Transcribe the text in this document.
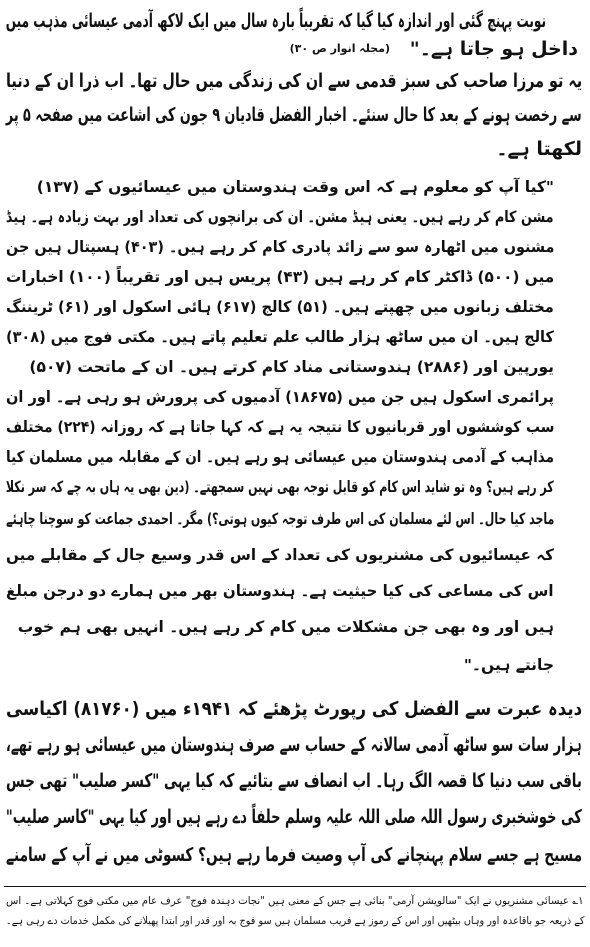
نوبت پہنچ گئی اور اندازہ کیا گیا کہ تقریباً بارہ سال میں ایک لاکھ آدمی عیسائی مذہب میں
داخل ہو جاتا ہے۔"
(مجلہ انوار ص ۳۰)
یہ تو مرزا صاحب کی سبز قدمی سے ان کی زندگی میں حال تھا۔ اب ذرا ان کے دنیا
سے رخصت ہونے کے بعد کا حال سنئے۔ اخبار الفضل قادیان ۹ جون کی اشاعت میں صفحہ ۵ پر
لکھتا ہے۔
"کیا آپ کو معلوم ہے کہ اس وقت ہندوستان میں عیسائیوں کے (۱۳۷)
مشن کام کر رہے ہیں۔ یعنی ہیڈ مشن۔ ان کی برانچوں کی تعداد اور بہت زیادہ ہے۔ ہیڈ
مشنوں میں اٹھارہ سو سے زائد پادری کام کر رہے ہیں۔ (۴۰۳) ہسپتال ہیں جن
میں (۵۰۰) ڈاکٹر کام کر رہے ہیں (۴۳) پریس ہیں اور تقریباً (۱۰۰) اخبارات
مختلف زبانوں میں چھپتے ہیں۔ (۵۱) کالج (۶۱۷) ہائی اسکول اور (۶۱) ٹریننگ
کالج ہیں۔ ان میں ساٹھ ہزار طالب علم تعلیم پاتے ہیں۔ مکتی فوج میں (۳۰۸)
یورپین اور (۲۸۸۶) ہندوستانی مناد کام کرتے ہیں۔ ان کے ماتحت (۵۰۷)
پرائمری اسکول ہیں جن میں (۱۸۶۷۵) آدمیوں کی پرورش ہو رہی ہے۔ اور ان
سب کوششوں اور قربانیوں کا نتیجہ یہ ہے کہ کہا جاتا ہے کہ روزانہ (۲۲۴) مختلف
مذاہب کے آدمی ہندوستان میں عیسائی ہو رہے ہیں۔ ان کے مقابلہ میں مسلمان کیا
کر رہے ہیں؟ وہ تو شاید اس کام کو قابل توجہ بھی نہیں سمجھتے۔ (دین بھی یہ ہاں بہ چے کہ سر نکلا
ماجد کیا حال۔ اس لئے مسلمان کی اس طرف توجہ کیوں ہوتی؟) مگر۔ احمدی جماعت کو سوچنا چاہئے
کہ عیسائیوں کی مشنریوں کی تعداد کے اس قدر وسیع جال کے مقابلے میں
اس کی مساعی کی کیا حیثیت ہے۔ ہندوستان بھر میں ہمارے دو درجن مبلغ
ہیں اور وہ بھی جن مشکلات میں کام کر رہے ہیں۔ انہیں بھی ہم خوب
جانتے ہیں۔"
دیدہ عبرت سے الفضل کی رپورٹ پڑھئے کہ ۱۹۴۱ء میں (۸۱۷۶۰) اکیاسی
ہزار سات سو ساٹھ آدمی سالانہ کے حساب سے صرف ہندوستان میں عیسائی ہو رہے تھے،
باقی سب دنیا کا قصہ الگ رہا۔ اب انصاف سے بتائیے کہ کیا یہی "کسر صلیب" تھی جس
کی خوشخبری رسول اللہ صلی اللہ علیہ وسلم حلفاً دے رہے ہیں اور کیا یہی "کاسر صلیب"
مسیح ہے جسے سلام پہنچانے کی آپ وصیت فرما رہے ہیں؟ کسوٹی میں نے آپ کے سامنے
۱؎ عیسائی مشنریوں نے ایک "سالویشن آرمی" بنائی ہے جس کے معنی ہیں "نجات دہندہ فوج" عرف عام میں مکتی فوج کہلاتی ہے۔ اس
کے ذریعہ جو باقاعدہ اور وہاں بیٹھیں اور اس کے رموز ہے فریب مسلمان ہیں سو فوج بہ اور قدر اور ابتدا پھیلانے کی مکمل خدمات دے رہی ہے۔
